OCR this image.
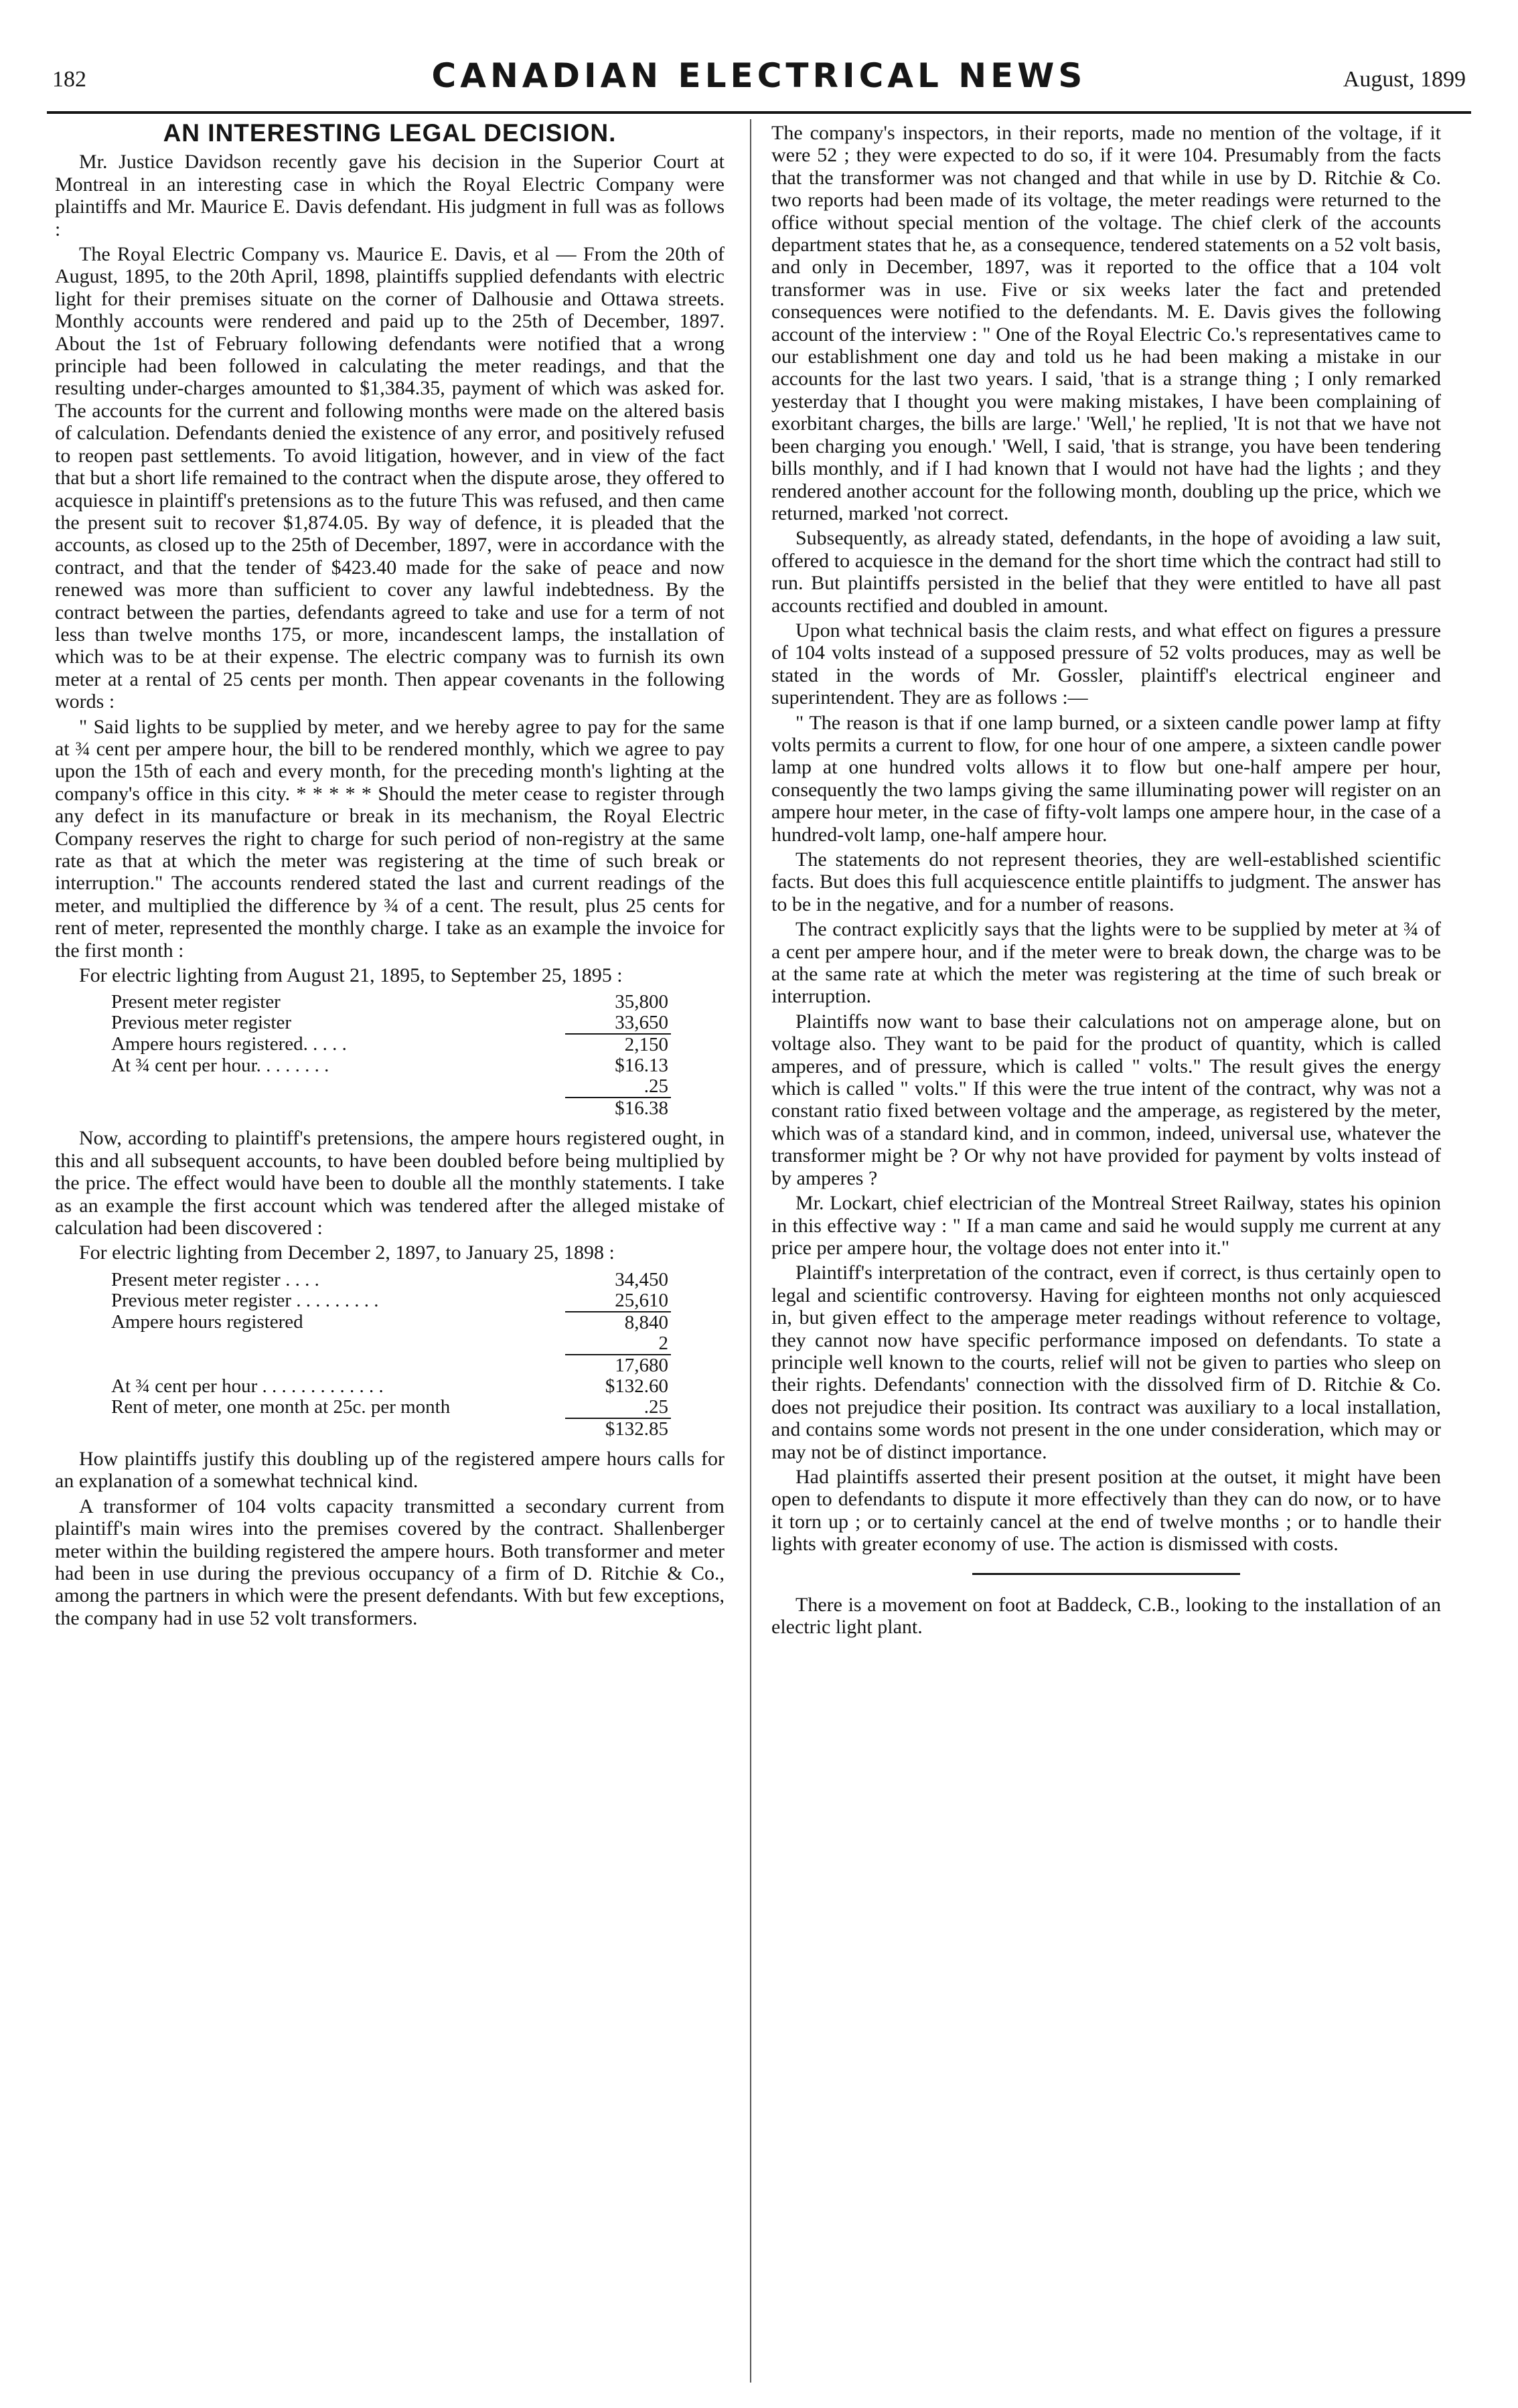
182	CANADIAN ELECTRICAL NEWS	August, 1899
AN INTERESTING LEGAL DECISION.

Mr. Justice Davidson recently gave his decision in the Superior Court at Montreal in an interesting case in which the Royal Electric Company were plaintiffs and Mr. Maurice E. Davis defendant. His judgment in full was as follows :

The Royal Electric Company vs. Maurice E. Davis, et al — From the 20th of August, 1895, to the 20th April, 1898, plaintiffs supplied defendants with electric light for their premises situate on the corner of Dalhousie and Ottawa streets. Monthly accounts were rendered and paid up to the 25th of December, 1897. About the 1st of February following defendants were notified that a wrong principle had been followed in calculating the meter readings, and that the resulting under-charges amounted to $1,384.35, payment of which was asked for. The accounts for the current and following months were made on the altered basis of calculation. Defendants denied the existence of any error, and positively refused to reopen past settlements. To avoid litigation, however, and in view of the fact that but a short life remained to the contract when the dispute arose, they offered to acquiesce in plaintiff's pretensions as to the future This was refused, and then came the present suit to recover $1,874.05. By way of defence, it is pleaded that the accounts, as closed up to the 25th of December, 1897, were in accordance with the contract, and that the tender of $423.40 made for the sake of peace and now renewed was more than sufficient to cover any lawful indebtedness. By the contract between the parties, defendants agreed to take and use for a term of not less than twelve months 175, or more, incandescent lamps, the installation of which was to be at their expense. The electric company was to furnish its own meter at a rental of 25 cents per month. Then appear covenants in the following words :

" Said lights to be supplied by meter, and we hereby agree to pay for the same at ¾ cent per ampere hour, the bill to be rendered monthly, which we agree to pay upon the 15th of each and every month, for the preceding month's lighting at the company's office in this city. * * * * * Should the meter cease to register through any defect in its manufacture or break in its mechanism, the Royal Electric Company reserves the right to charge for such period of non-registry at the same rate as that at which the meter was registering at the time of such break or interruption." The accounts rendered stated the last and current readings of the meter, and multiplied the difference by ¾ of a cent. The result, plus 25 cents for rent of meter, represented the monthly charge. I take as an example the invoice for the first month :

For electric lighting from August 21, 1895, to September 25, 1895 :

Present meter register	35,800
Previous meter register	33,650
Ampere hours registered. . . . .	2,150
At ¾ cent per hour. . . . . . . .	$16.13
	.25
	$16.38

Now, according to plaintiff's pretensions, the ampere hours registered ought, in this and all subsequent accounts, to have been doubled before being multiplied by the price. The effect would have been to double all the monthly statements. I take as an example the first account which was tendered after the alleged mistake of calculation had been discovered :

For electric lighting from December 2, 1897, to January 25, 1898 :

Present meter register . . . .	34,450
Previous meter register . . . . . . . . .	25,610
Ampere hours registered	8,840
	2
	17,680
At ¾ cent per hour . . . . . . . . . . . . .	$132.60
Rent of meter, one month at 25c. per month	.25
	$132.85

How plaintiffs justify this doubling up of the registered ampere hours calls for an explanation of a somewhat technical kind.

A transformer of 104 volts capacity transmitted a secondary current from plaintiff's main wires into the premises covered by the contract. Shallenberger meter within the building registered the ampere hours. Both transformer and meter had been in use during the previous occupancy of a firm of D. Ritchie & Co., among the partners in which were the present defendants. With but few exceptions, the company had in use 52 volt transformers.

The company's inspectors, in their reports, made no mention of the voltage, if it were 52 ; they were expected to do so, if it were 104. Presumably from the facts that the transformer was not changed and that while in use by D. Ritchie & Co. two reports had been made of its voltage, the meter readings were returned to the office without special mention of the voltage. The chief clerk of the accounts department states that he, as a consequence, tendered statements on a 52 volt basis, and only in December, 1897, was it reported to the office that a 104 volt transformer was in use. Five or six weeks later the fact and pretended consequences were notified to the defendants. M. E. Davis gives the following account of the interview : " One of the Royal Electric Co.'s representatives came to our establishment one day and told us he had been making a mistake in our accounts for the last two years. I said, 'that is a strange thing ; I only remarked yesterday that I thought you were making mistakes, I have been complaining of exorbitant charges, the bills are large.' 'Well,' he replied, 'It is not that we have not been charging you enough.' 'Well, I said, 'that is strange, you have been tendering bills monthly, and if I had known that I would not have had the lights ; and they rendered another account for the following month, doubling up the price, which we returned, marked 'not correct.

Subsequently, as already stated, defendants, in the hope of avoiding a law suit, offered to acquiesce in the demand for the short time which the contract had still to run. But plaintiffs persisted in the belief that they were entitled to have all past accounts rectified and doubled in amount.

Upon what technical basis the claim rests, and what effect on figures a pressure of 104 volts instead of a supposed pressure of 52 volts produces, may as well be stated in the words of Mr. Gossler, plaintiff's electrical engineer and superintendent. They are as follows :—

" The reason is that if one lamp burned, or a sixteen candle power lamp at fifty volts permits a current to flow, for one hour of one ampere, a sixteen candle power lamp at one hundred volts allows it to flow but one-half ampere per hour, consequently the two lamps giving the same illuminating power will register on an ampere hour meter, in the case of fifty-volt lamps one ampere hour, in the case of a hundred-volt lamp, one-half ampere hour.

The statements do not represent theories, they are well-established scientific facts. But does this full acquiescence entitle plaintiffs to judgment. The answer has to be in the negative, and for a number of reasons.

The contract explicitly says that the lights were to be supplied by meter at ¾ of a cent per ampere hour, and if the meter were to break down, the charge was to be at the same rate at which the meter was registering at the time of such break or interruption.

Plaintiffs now want to base their calculations not on amperage alone, but on voltage also. They want to be paid for the product of quantity, which is called amperes, and of pressure, which is called " volts." The result gives the energy which is called " volts." If this were the true intent of the contract, why was not a constant ratio fixed between voltage and the amperage, as registered by the meter, which was of a standard kind, and in common, indeed, universal use, whatever the transformer might be ? Or why not have provided for payment by volts instead of by amperes ?

Mr. Lockart, chief electrician of the Montreal Street Railway, states his opinion in this effective way : " If a man came and said he would supply me current at any price per ampere hour, the voltage does not enter into it."

Plaintiff's interpretation of the contract, even if correct, is thus certainly open to legal and scientific controversy. Having for eighteen months not only acquiesced in, but given effect to the amperage meter readings without reference to voltage, they cannot now have specific performance imposed on defendants. To state a principle well known to the courts, relief will not be given to parties who sleep on their rights. Defendants' connection with the dissolved firm of D. Ritchie & Co. does not prejudice their position. Its contract was auxiliary to a local installation, and contains some words not present in the one under consideration, which may or may not be of distinct importance.

Had plaintiffs asserted their present position at the outset, it might have been open to defendants to dispute it more effectively than they can do now, or to have it torn up ; or to certainly cancel at the end of twelve months ; or to handle their lights with greater economy of use. The action is dismissed with costs.

There is a movement on foot at Baddeck, C.B., looking to the installation of an electric light plant.
